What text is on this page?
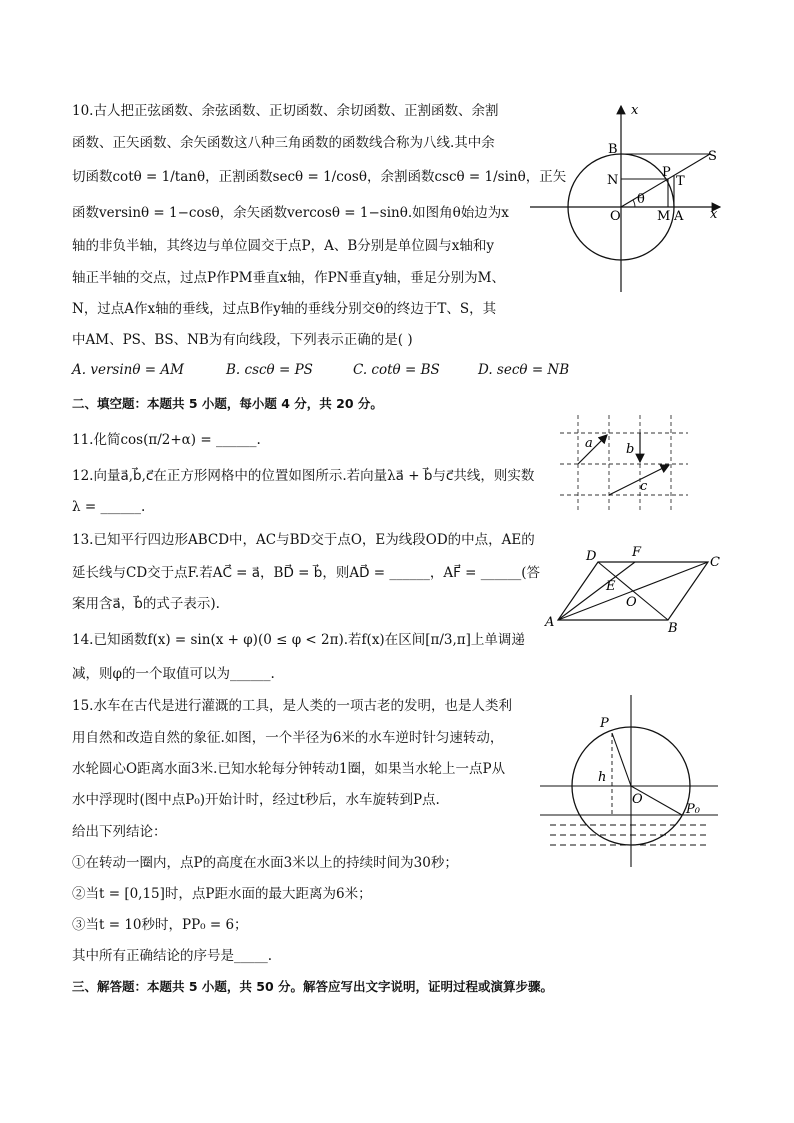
10.古人把正弦函数、余弦函数、正切函数、余切函数、正割函数、余割
函数、正矢函数、余矢函数这八种三角函数的函数线合称为八线.其中余
切函数cotθ = 1/tanθ，正割函数secθ = 1/cosθ，余割函数cscθ = 1/sinθ，正矢
函数versinθ = 1−cosθ，余矢函数vercosθ = 1−sinθ.如图角θ始边为x
轴的非负半轴，其终边与单位圆交于点P，A、B分别是单位圆与x轴和y
轴正半轴的交点，过点P作PM垂直x轴，作PN垂直y轴，垂足分别为M、
N，过点A作x轴的垂线，过点B作y轴的垂线分别交θ的终边于T、S，其
中AM、PS、BS、NB为有向线段，下列表示正确的是( )
A. versinθ = AM	B. cscθ = PS	C. cotθ = BS	D. secθ = NB
x
x
B	S
P
N	T
θ
O	M A
二、填空题：本题共 5 小题，每小题 4 分，共 20 分。
11.化简cos(π/2+α) = ______.
12.向量a⃗,b⃗,c⃗在正方形网格中的位置如图所示.若向量λa⃗ + b⃗与c⃗共线，则实数
λ = ______.
a	b
c
13.已知平行四边形ABCD中，AC与BD交于点O，E为线段OD的中点，AE的
延长线与CD交于点F.若AC⃗ = a⃗，BD⃗ = b⃗，则AD⃗ = ______，AF⃗ = ______(答
案用含a⃗，b⃗的式子表示).
A	B
C
D
E
F
O
14.已知函数f(x) = sin(x + φ)(0 ≤ φ < 2π).若f(x)在区间[π/3,π]上单调递
减，则φ的一个取值可以为______.
15.水车在古代是进行灌溉的工具，是人类的一项古老的发明，也是人类利
用自然和改造自然的象征.如图，一个半径为6米的水车逆时针匀速转动，
水轮圆心O距离水面3米.已知水轮每分钟转动1圈，如果当水轮上一点P从
水中浮现时(图中点P₀)开始计时，经过t秒后，水车旋转到P点.
给出下列结论：
①在转动一圈内，点P的高度在水面3米以上的持续时间为30秒；
②当t = [0,15]时，点P距水面的最大距离为6米；
③当t = 10秒时，PP₀ = 6；
其中所有正确结论的序号是_____.
P
h
O
P₀
三、解答题：本题共 5 小题，共 50 分。解答应写出文字说明，证明过程或演算步骤。
